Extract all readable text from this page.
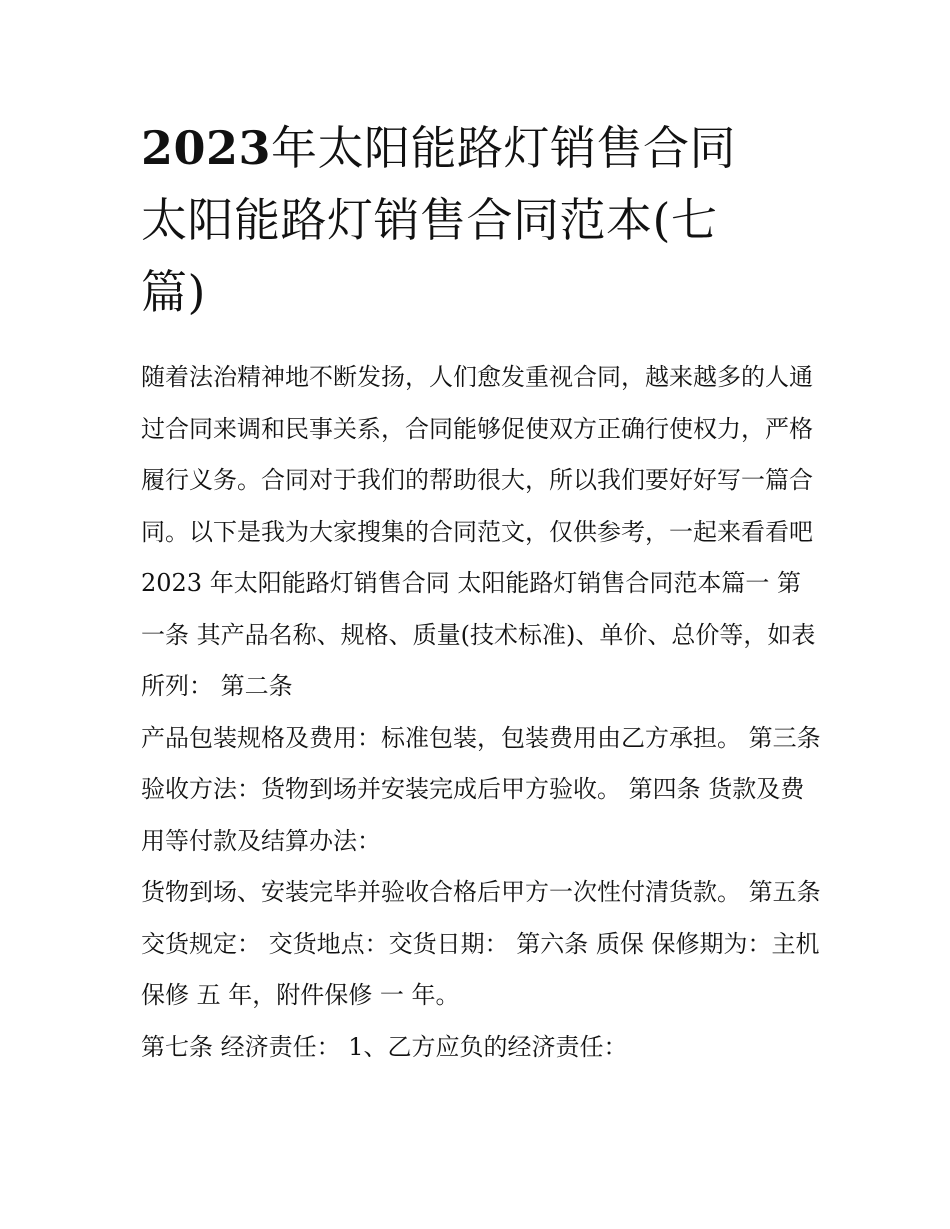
2023年太阳能路灯销售合同
太阳能路灯销售合同范本(七
篇)

随着法治精神地不断发扬，人们愈发重视合同，越来越多的人通过合同来调和民事关系，合同能够促使双方正确行使权力，严格履行义务。合同对于我们的帮助很大，所以我们要好好写一篇合同。以下是我为大家搜集的合同范文，仅供参考，一起来看看吧

2023 年太阳能路灯销售合同 太阳能路灯销售合同范本篇一 第一条 其产品名称、规格、质量(技术标准)、单价、总价等，如表所列： 第二条

产品包装规格及费用：标准包装，包装费用由乙方承担。 第三条 验收方法：货物到场并安装完成后甲方验收。 第四条 货款及费用等付款及结算办法：

货物到场、安装完毕并验收合格后甲方一次性付清货款。 第五条 交货规定： 交货地点：交货日期： 第六条 质保 保修期为：主机保修 五 年，附件保修 一 年。

第七条 经济责任： 1、乙方应负的经济责任：
